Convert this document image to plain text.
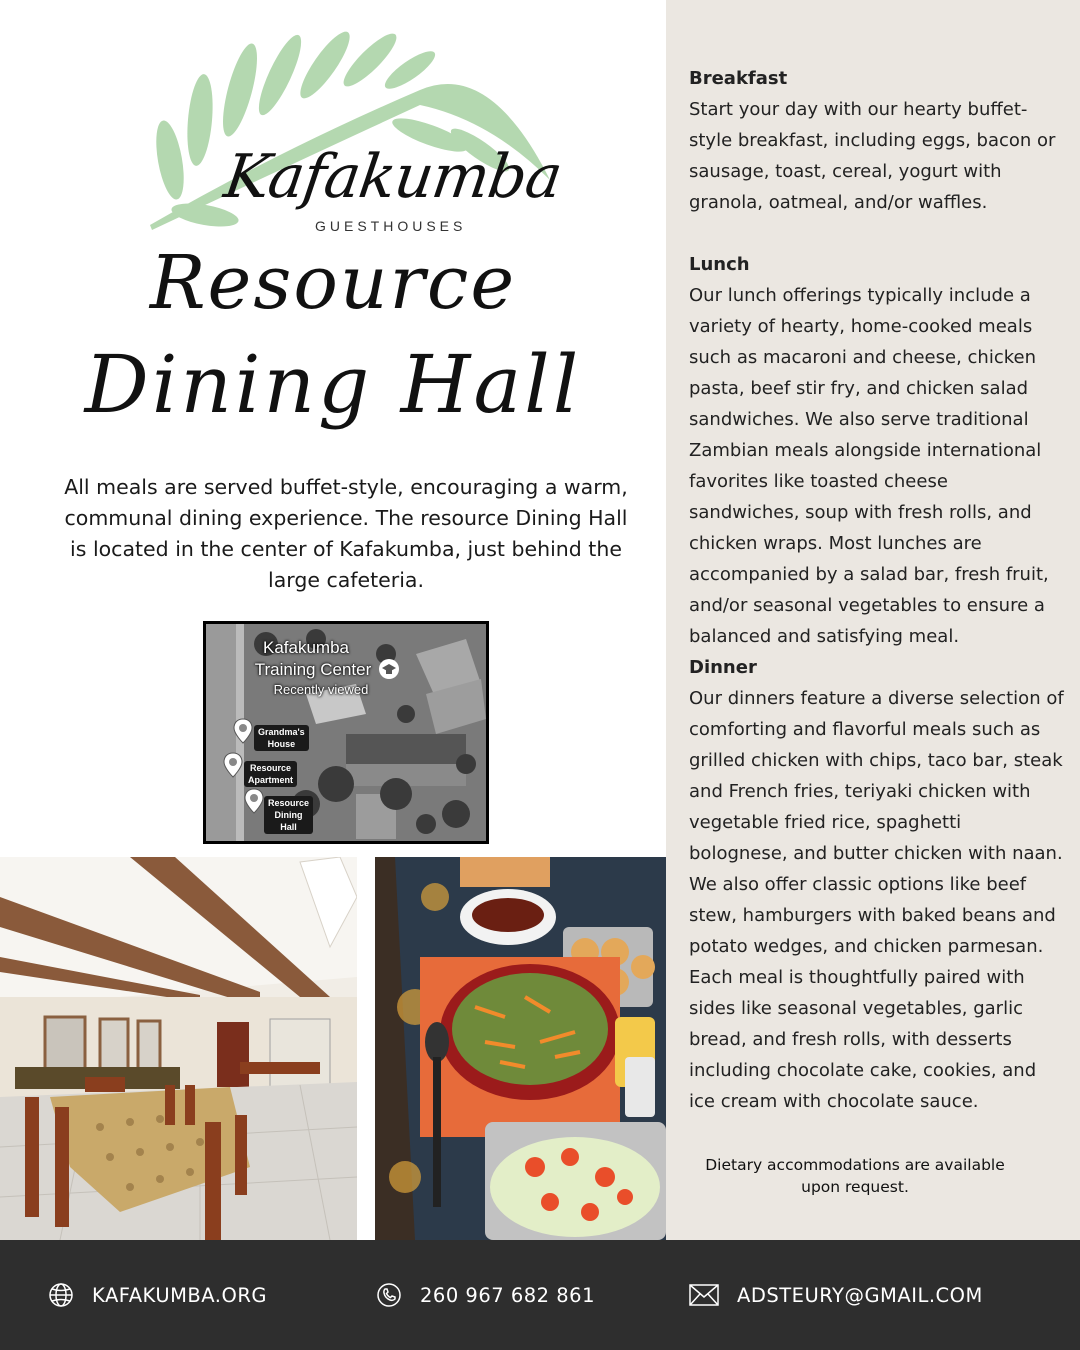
Kafakumba
GUESTHOUSES
Resource
Dining Hall
All meals are served buffet-style, encouraging a warm, communal dining experience. The resource Dining Hall is located in the center of Kafakumba, just behind the large cafeteria.
Kafakumba
Training Center
Recently viewed
Grandma's
House
Resource
Apartment
Resource
Dining
Hall
Breakfast

Start your day with our hearty buffet-style breakfast, including eggs, bacon or sausage, toast, cereal, yogurt with granola, oatmeal, and/or waffles.

Lunch

Our lunch offerings typically include a variety of hearty, home-cooked meals such as macaroni and cheese, chicken pasta, beef stir fry, and chicken salad sandwiches. We also serve traditional Zambian meals alongside international favorites like toasted cheese sandwiches, soup with fresh rolls, and chicken wraps. Most lunches are accompanied by a salad bar, fresh fruit, and/or seasonal vegetables to ensure a balanced and satisfying meal.

Dinner

Our dinners feature a diverse selection of comforting and flavorful meals such as grilled chicken with chips, taco bar, steak and French fries, teriyaki chicken with vegetable fried rice, spaghetti bolognese, and butter chicken with naan. We also offer classic options like beef stew, hamburgers with baked beans and potato wedges, and chicken parmesan. Each meal is thoughtfully paired with sides like seasonal vegetables, garlic bread, and fresh rolls, with desserts including chocolate cake, cookies, and ice cream with chocolate sauce.

Dietary accommodations are available
upon request.
KAFAKUMBA.ORG	260 967 682 861	ADSTEURY@GMAIL.COM
